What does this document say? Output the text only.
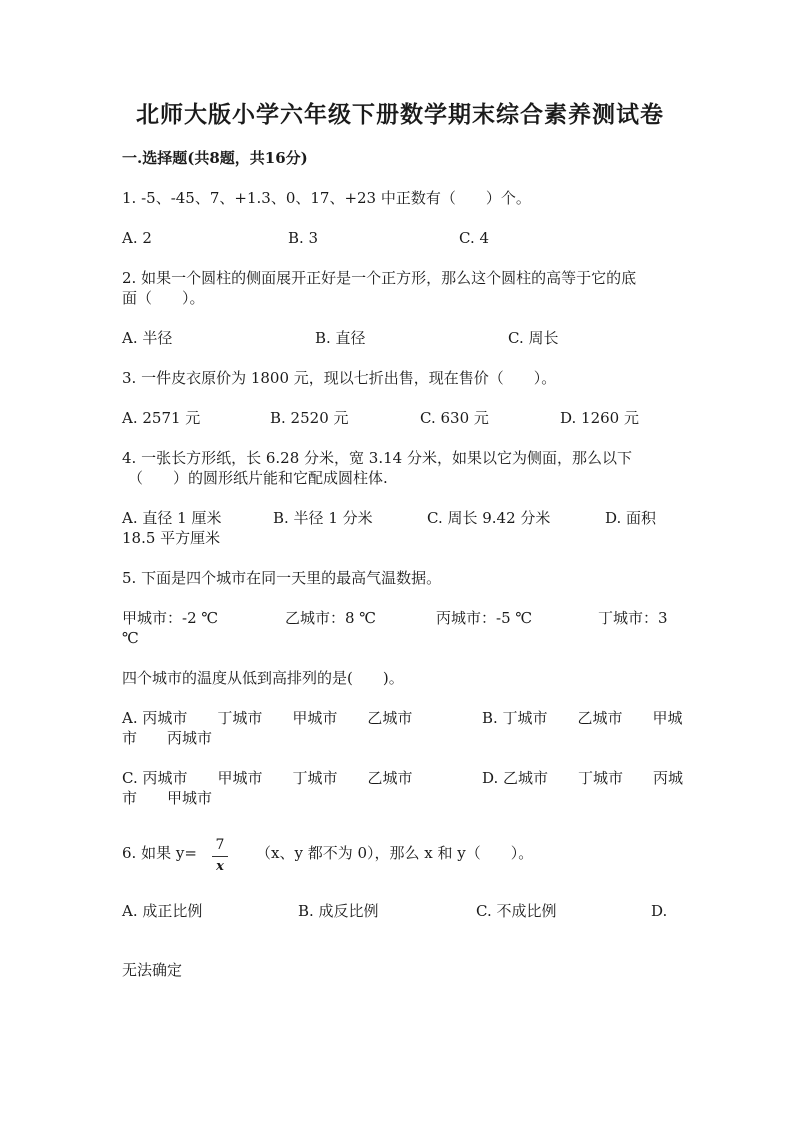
北师大版小学六年级下册数学期末综合素养测试卷
一.选择题(共8题，共16分)
1. -5、-45、7、+1.3、0、17、+23 中正数有（　　）个。
A. 2	B. 3	C. 4
2. 如果一个圆柱的侧面展开正好是一个正方形，那么这个圆柱的高等于它的底
面（　　）。
A. 半径	B. 直径	C. 周长
3. 一件皮衣原价为 1800 元，现以七折出售，现在售价（　　）。
A. 2571 元	B. 2520 元	C. 630 元	D. 1260 元
4. 一张长方形纸，长 6.28 分米，宽 3.14 分米，如果以它为侧面，那么以下
（　　）的圆形纸片能和它配成圆柱体.
A. 直径 1 厘米	B. 半径 1 分米	C. 周长 9.42 分米	D. 面积
18.5 平方厘米
5. 下面是四个城市在同一天里的最高气温数据。
甲城市：-2 ℃	乙城市：8 ℃	丙城市：-5 ℃	丁城市：3
℃
四个城市的温度从低到高排列的是(　　)。
A. 丙城市　　丁城市　　甲城市　　乙城市	B. 丁城市　　乙城市　　甲城
市　　丙城市
C. 丙城市　　甲城市　　丁城市　　乙城市	D. 乙城市　　丁城市　　丙城
市　　甲城市
6. 如果 y=	7
x
（x、y 都不为 0），那么 x 和 y（　　）。
A. 成正比例	B. 成反比例	C. 不成比例	D.
无法确定
